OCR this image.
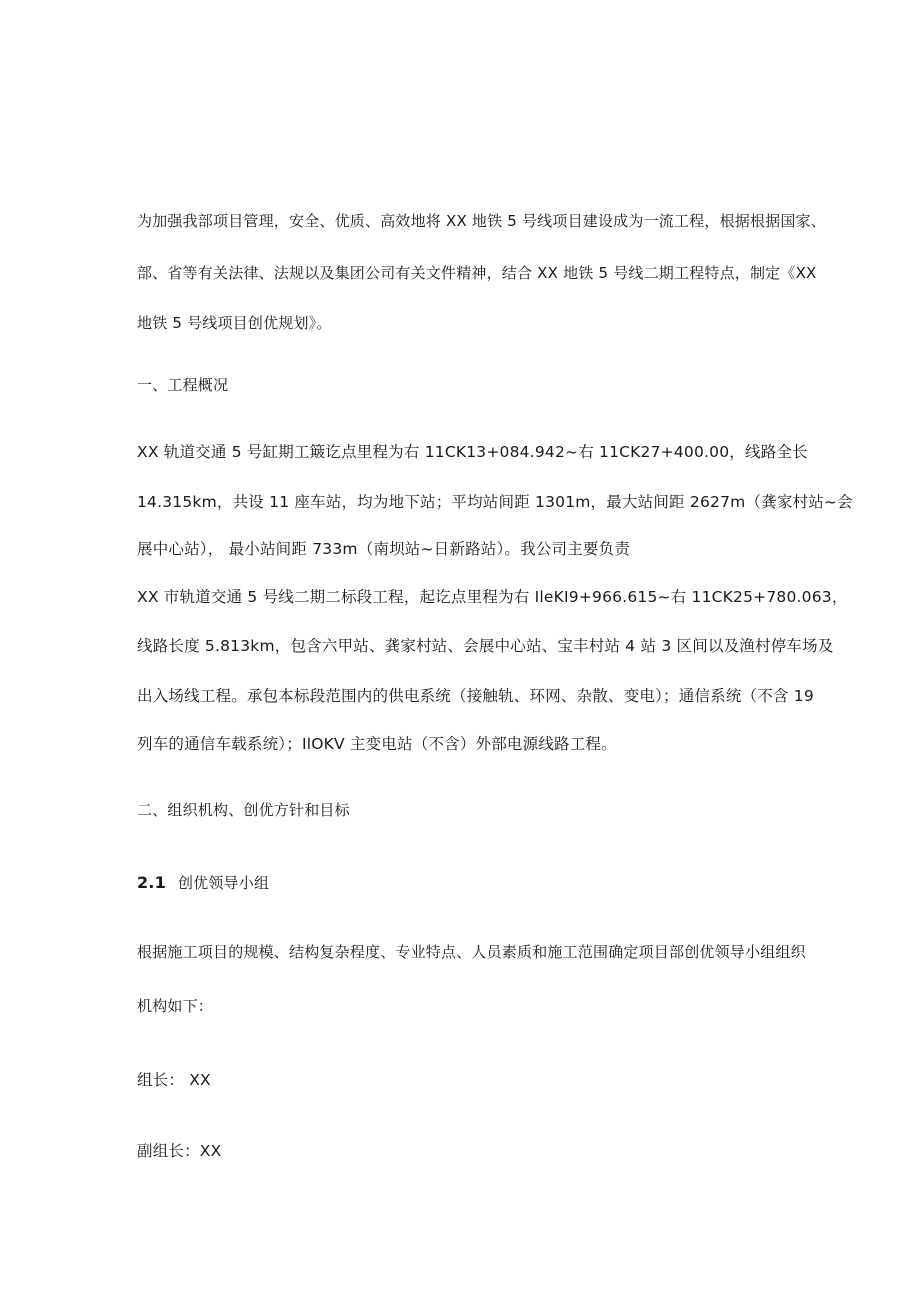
为加强我部项目管理，安全、优质、高效地将 XX 地铁 5 号线项目建设成为一流工程，根据根据国家、
部、省等有关法律、法规以及集团公司有关文件精神，结合 XX 地铁 5 号线二期工程特点，制定《XX
地铁 5 号线项目创优规划》。
一、工程概况
XX 轨道交通 5 号缸期工簸讫点里程为右 11CK13+084.942~右 11CK27+400.00，线路全长
14.315km，共设 11 座车站，均为地下站；平均站间距 1301m，最大站间距 2627m（龚家村站~会
展中心站）， 最小站间距 733m（南坝站~日新路站）。我公司主要负责
XX 市轨道交通 5 号线二期二标段工程，起讫点里程为右 IleKI9+966.615~右 11CK25+780.063，
线路长度 5.813km，包含六甲站、龚家村站、会展中心站、宝丰村站 4 站 3 区间以及渔村停车场及
出入场线工程。承包本标段范围内的供电系统（接触轨、环网、杂散、变电）；通信系统（不含 19
列车的通信车载系统）；IlOKV 主变电站（不含）外部电源线路工程。
二、组织机构、创优方针和目标
2.1 创优领导小组
根据施工项目的规模、结构复杂程度、专业特点、人员素质和施工范围确定项目部创优领导小组组织
机构如下：
组长： XX
副组长：XX
